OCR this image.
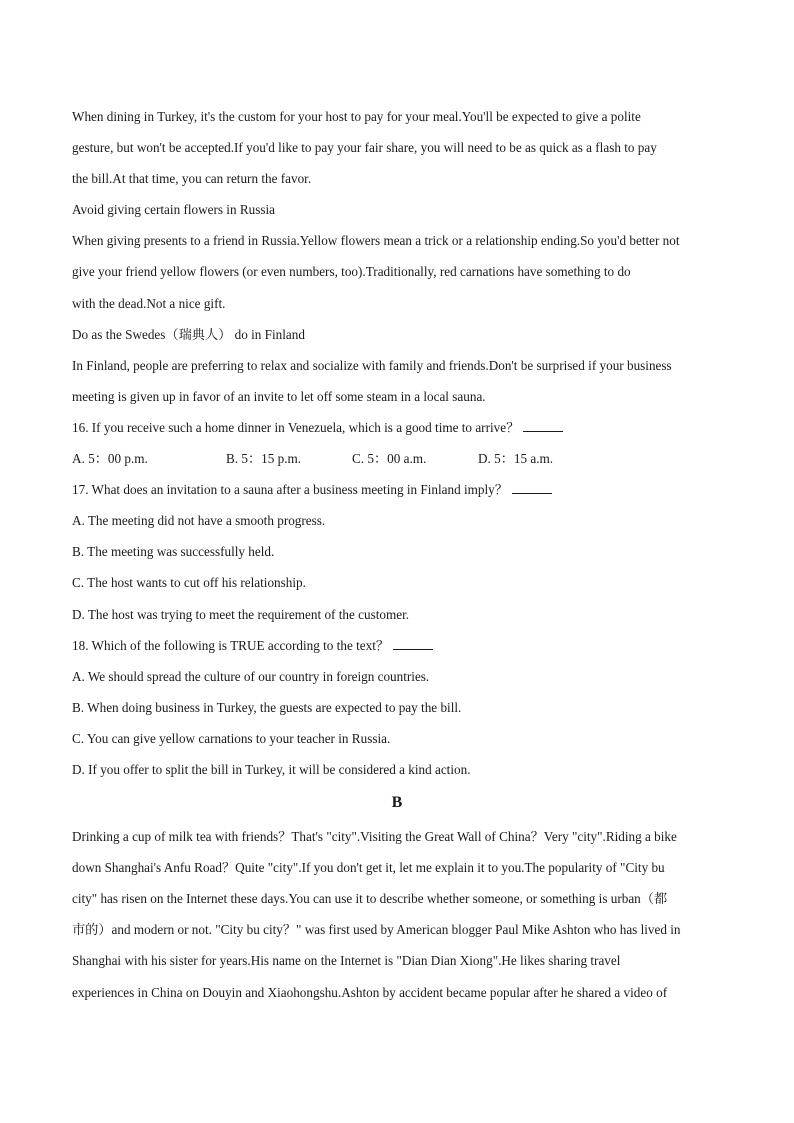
When dining in Turkey, it's the custom for your host to pay for your meal.You'll be expected to give a polite
gesture, but won't be accepted.If you'd like to pay your fair share, you will need to be as quick as a flash to pay
the bill.At that time, you can return the favor.
Avoid giving certain flowers in Russia
When giving presents to a friend in Russia.Yellow flowers mean a trick or a relationship ending.So you'd better not
give your friend yellow flowers (or even numbers, too).Traditionally, red carnations have something to do
with the dead.Not a nice gift.
Do as the Swedes（瑞典人） do in Finland
In Finland, people are preferring to relax and socialize with family and friends.Don't be surprised if your business
meeting is given up in favor of an invite to let off some steam in a local sauna.
16. If you receive such a home dinner in Venezuela, which is a good time to arrive？
A. 5：00 p.m.	B. 5：15 p.m.	C. 5：00 a.m.	D. 5：15 a.m.
17. What does an invitation to a sauna after a business meeting in Finland imply？
A. The meeting did not have a smooth progress.
B. The meeting was successfully held.
C. The host wants to cut off his relationship.
D. The host was trying to meet the requirement of the customer.
18. Which of the following is TRUE according to the text？
A. We should spread the culture of our country in foreign countries.
B. When doing business in Turkey, the guests are expected to pay the bill.
C. You can give yellow carnations to your teacher in Russia.
D. If you offer to split the bill in Turkey, it will be considered a kind action.
B
Drinking a cup of milk tea with friends？That's "city".Visiting the Great Wall of China？Very "city".Riding a bike
down Shanghai's Anfu Road？Quite "city".If you don't get it, let me explain it to you.The popularity of "City bu
city" has risen on the Internet these days.You can use it to describe whether someone, or something is urban（都
市的）and modern or not. "City bu city？" was first used by American blogger Paul Mike Ashton who has lived in
Shanghai with his sister for years.His name on the Internet is "Dian Dian Xiong".He likes sharing travel
experiences in China on Douyin and Xiaohongshu.Ashton by accident became popular after he shared a video of
